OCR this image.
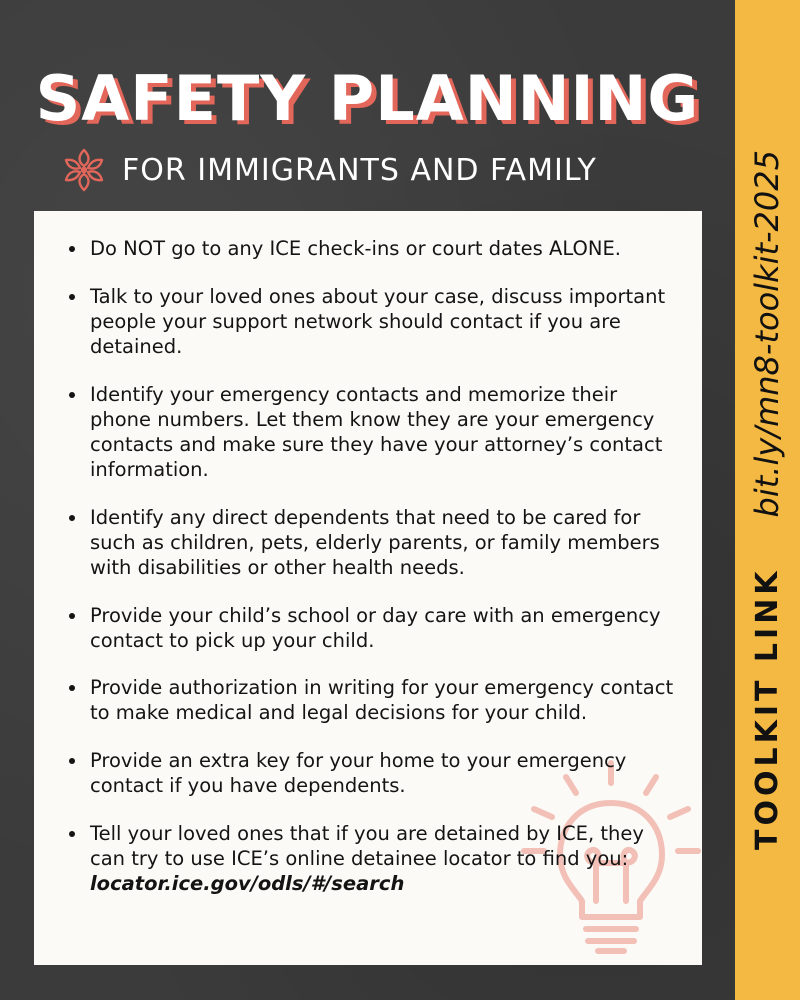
SAFETY PLANNING
FOR IMMIGRANTS AND FAMILY
• Do NOT go to any ICE check-ins or court dates ALONE.
• Talk to your loved ones about your case, discuss important people your support network should contact if you are detained.
• Identify your emergency contacts and memorize their phone numbers. Let them know they are your emergency contacts and make sure they have your attorney’s contact information.
• Identify any direct dependents that need to be cared for such as children, pets, elderly parents, or family members with disabilities or other health needs.
• Provide your child’s school or day care with an emergency contact to pick up your child.
• Provide authorization in writing for your emergency contact to make medical and legal decisions for your child.
• Provide an extra key for your home to your emergency contact if you have dependents.
• Tell your loved ones that if you are detained by ICE, they can try to use ICE’s online detainee locator to find you: locator.ice.gov/odls/#/search
TOOLKIT LINK
bit.ly/mn8-toolkit-2025
